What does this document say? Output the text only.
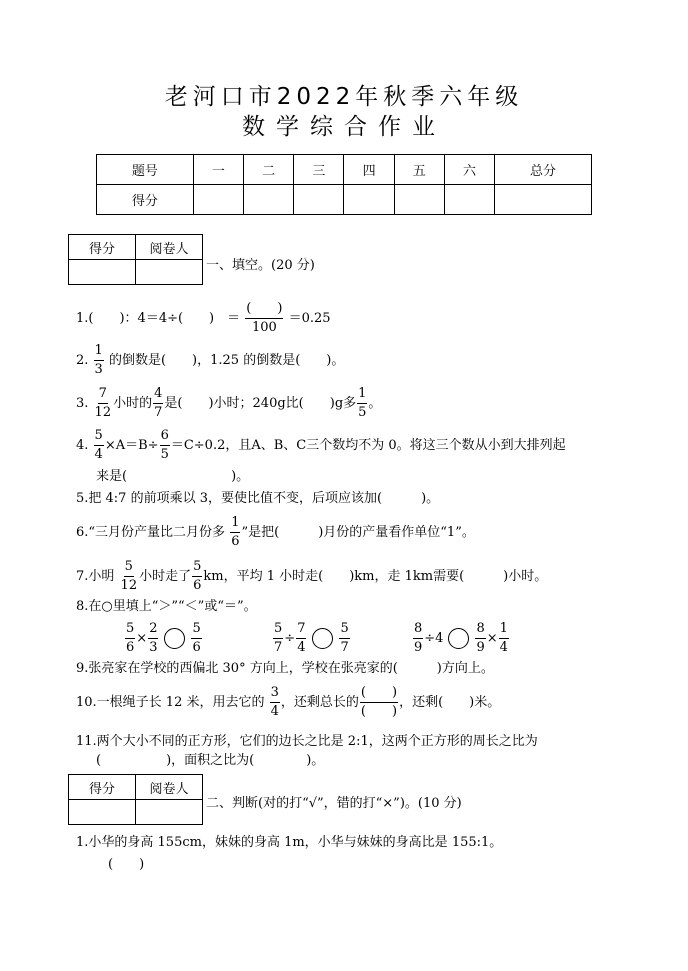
老河口市2022年秋季六年级
数学综合作业
题号	一	二	三	四	五	六	总分
得分							
得分	阅卷人

一、填空。(20 分)
1.(　　)：4＝4÷(　　)　＝ $\frac{( )}{100} =0.25$
2. $\frac{1}{3}$ 的倒数是(　　)，1.25 的倒数是(　　)。
3. $\frac{7}{12}$ 小时的 $\frac{4}{7}$ 是(　　)小时；240g比(　　)g多 $\frac{1}{5}$ 。
4. $\frac{5}{4} \times A=B\div \frac{6}{5} =C\div 0.2$，且A、B、C三个数均不为 0。将这三个数从小到大排列起
来是(　　　　　　　　)。
5.把 4:7 的前项乘以 3，要使比值不变，后项应该加(　　　)。
6.“三月份产量比二月份多 $\frac{1}{6}$ ”是把(　　　)月份的产量看作单位“1”。
7.小明 $\frac{5}{12}$ 小时走了 $\frac{5}{6}$ km，平均 1 小时走(　　)km，走 1km需要(　　　)小时。
8.在○里填上“＞”“＜”或“＝”。
$\frac{5}{6} \times \frac{2}{3}$	$\frac{5}{6}$	$\frac{5}{7} \div \frac{7}{4}$	$\frac{5}{7}$	$\frac{8}{9} \div 4 \frac{8}{9} \times \frac{1}{4}$
9.张亮家在学校的西偏北 30° 方向上，学校在张亮家的(　　　)方向上。
10.一根绳子长 12 米，用去它的 $\frac{3}{4}$ ，还剩总长的 $\frac{( )}{( )}$ ，还剩(　　)米。
11.两个大小不同的正方形，它们的边长之比是 2:1，这两个正方形的周长之比为
(　　　　　)，面积之比为(　　　　)。
得分	阅卷人

二、判断(对的打“√”，错的打“×”)。(10 分)
1.小华的身高 155cm，妹妹的身高 1m，小华与妹妹的身高比是 155:1。
(　　)
